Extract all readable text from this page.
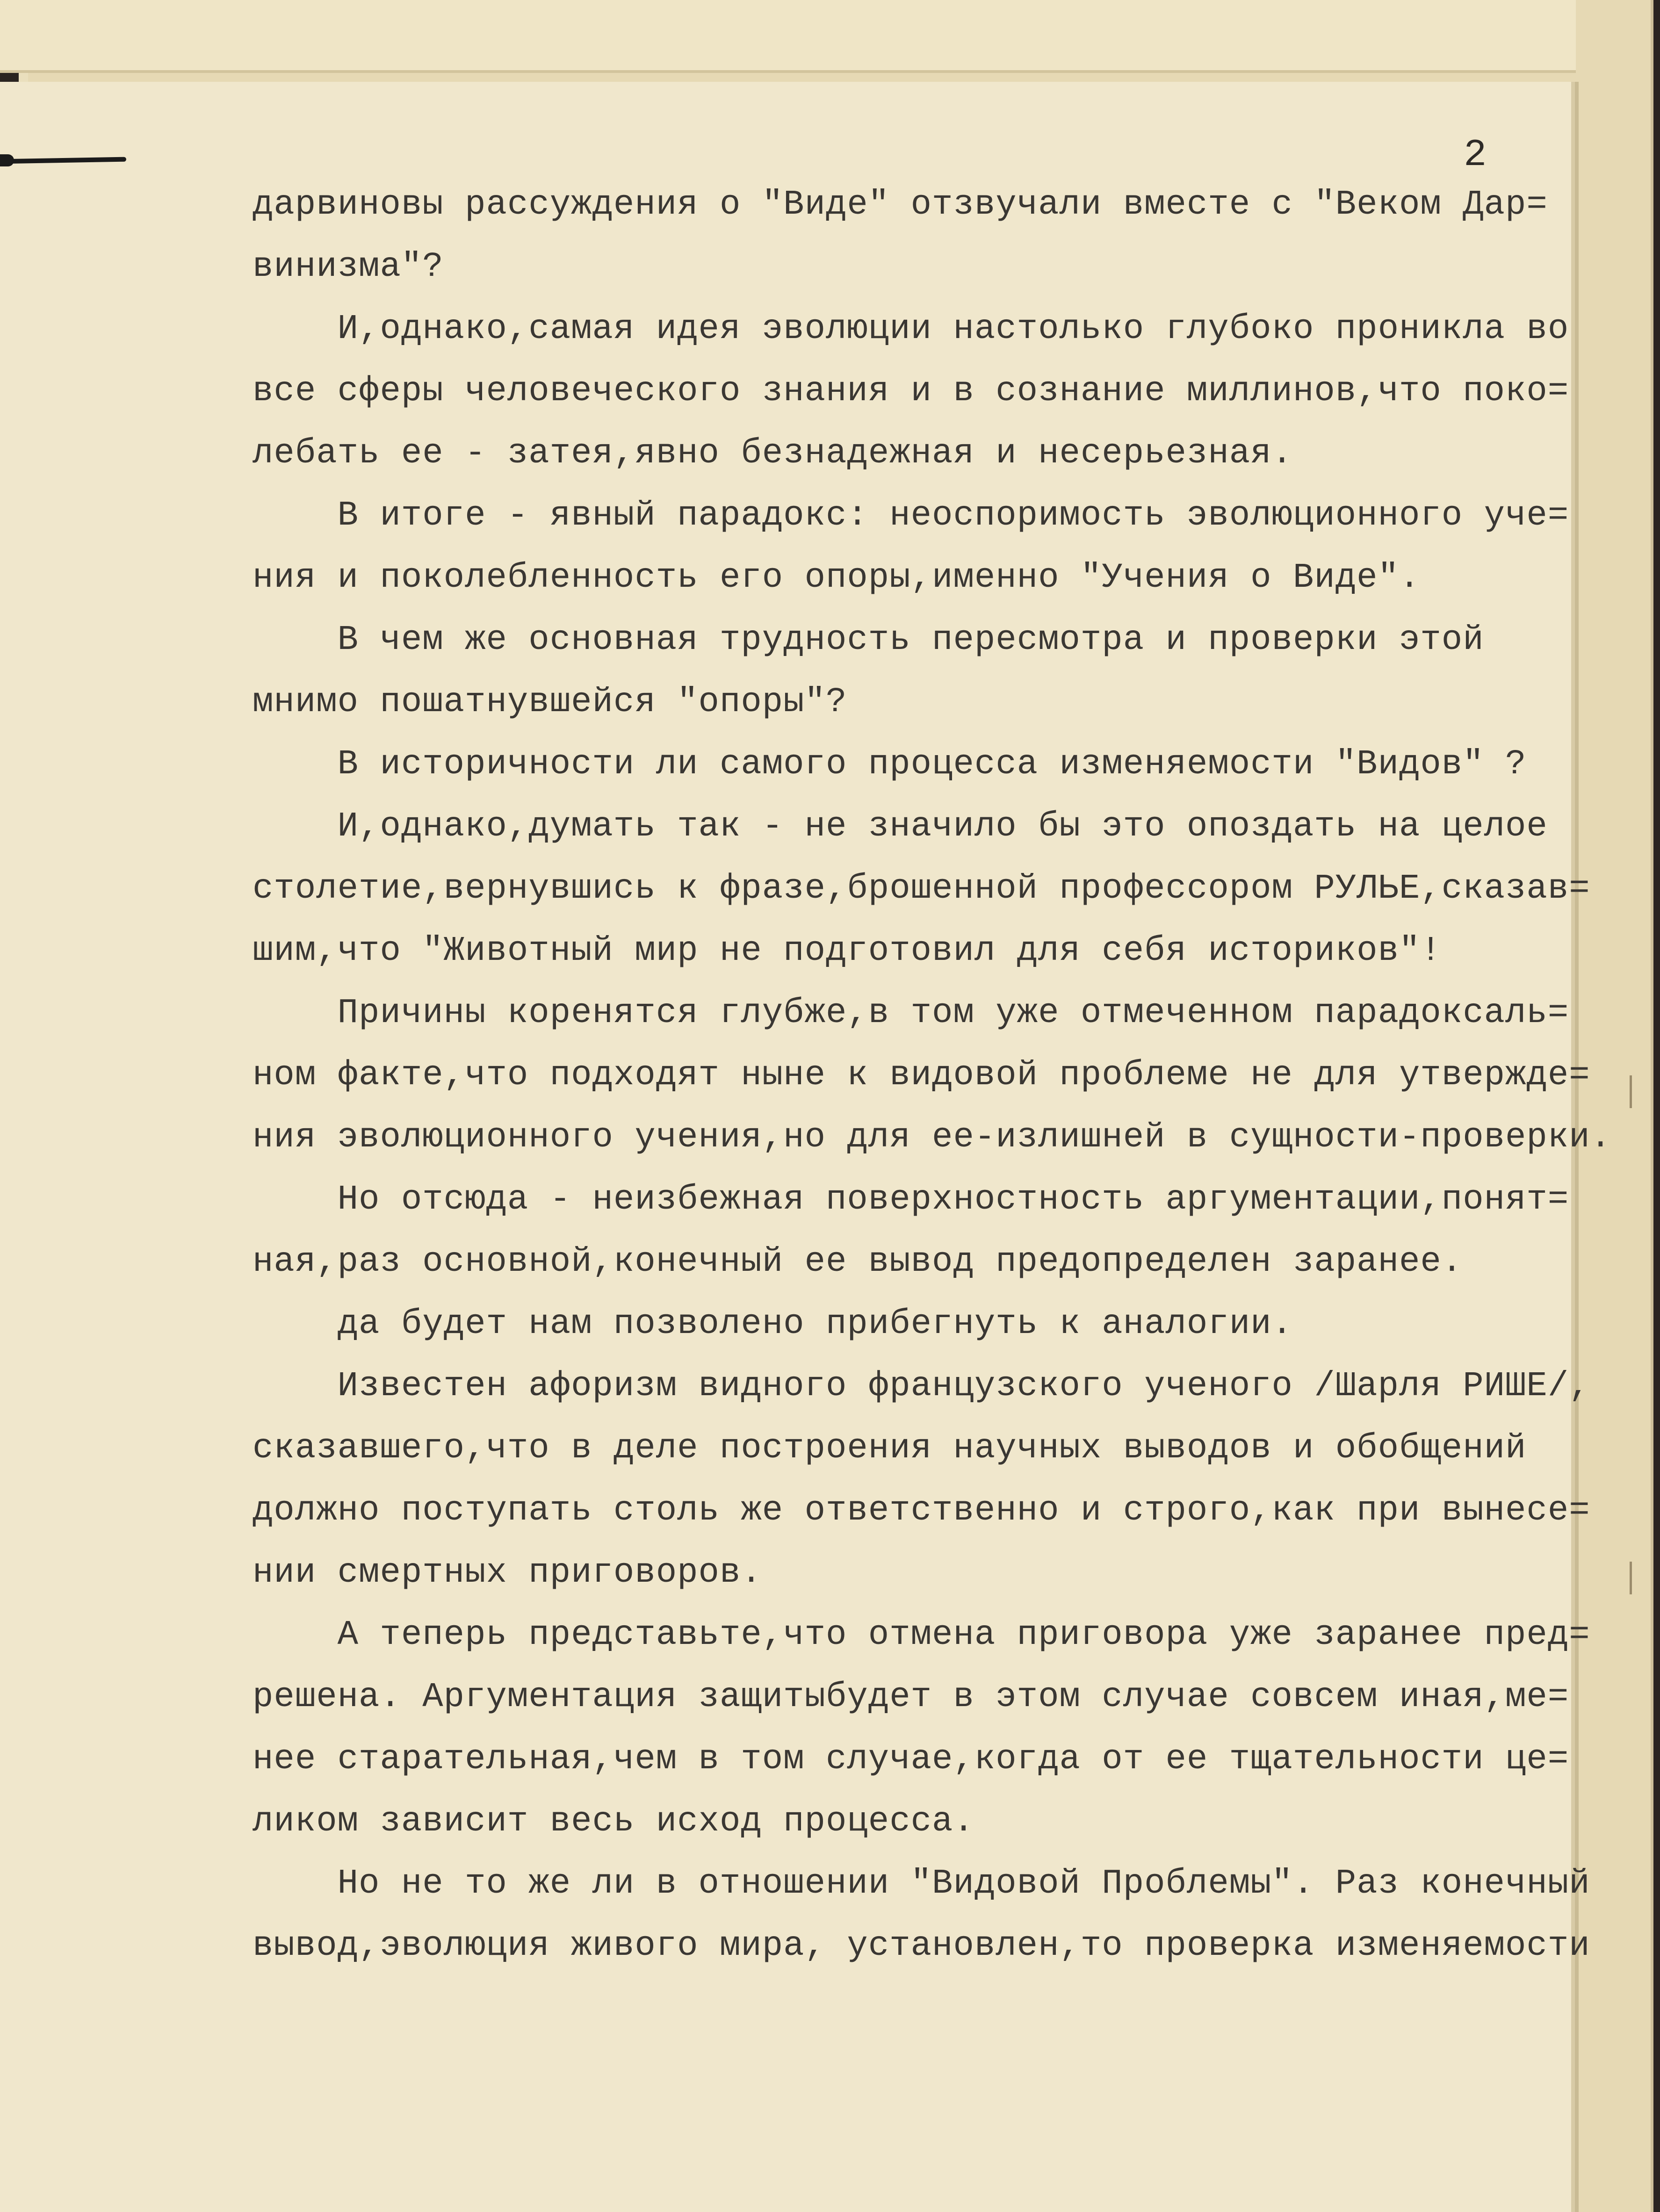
2
дарвиновы рассуждения о "Виде" отзвучали вместе с "Веком Дар=
винизма"?
И,однако,самая идея эволюции настолько глубоко проникла во
все сферы человеческого знания и в сознание миллинов,что поко=
лебать ее - затея,явно безнадежная и несерьезная.
В итоге - явный парадокс: неоспоримость эволюционного уче=
ния и поколебленность его опоры,именно "Учения о Виде".
В чем же основная трудность пересмотра и проверки этой
мнимо пошатнувшейся "опоры"?
В историчности ли самого процесса изменяемости "Видов" ?
И,однако,думать так - не значило бы это опоздать на целое
столетие,вернувшись к фразе,брошенной профессором РУЛЬЕ,сказав=
шим,что "Животный мир не подготовил для себя историков"!
Причины коренятся глубже,в том уже отмеченном парадоксаль=
ном факте,что подходят ныне к видовой проблеме не для утвержде=
ния эволюционного учения,но для ее-излишней в сущности-проверки.
Но отсюда - неизбежная поверхностность аргументации,понят=
ная,раз основной,конечный ее вывод предопределен заранее.
да будет нам позволено прибегнуть к аналогии.
Известен афоризм видного французского ученого /Шарля РИШЕ/,
сказавшего,что в деле построения научных выводов и обобщений
должно поступать столь же ответственно и строго,как при вынесе=
нии смертных приговоров.
А теперь представьте,что отмена приговора уже заранее пред=
решена. Аргументация защитыбудет в этом случае совсем иная,ме=
нее старательная,чем в том случае,когда от ее тщательности це=
ликом зависит весь исход процесса.
Но не то же ли в отношении "Видовой Проблемы". Раз конечный
вывод,эволюция живого мира, установлен,то проверка изменяемости
